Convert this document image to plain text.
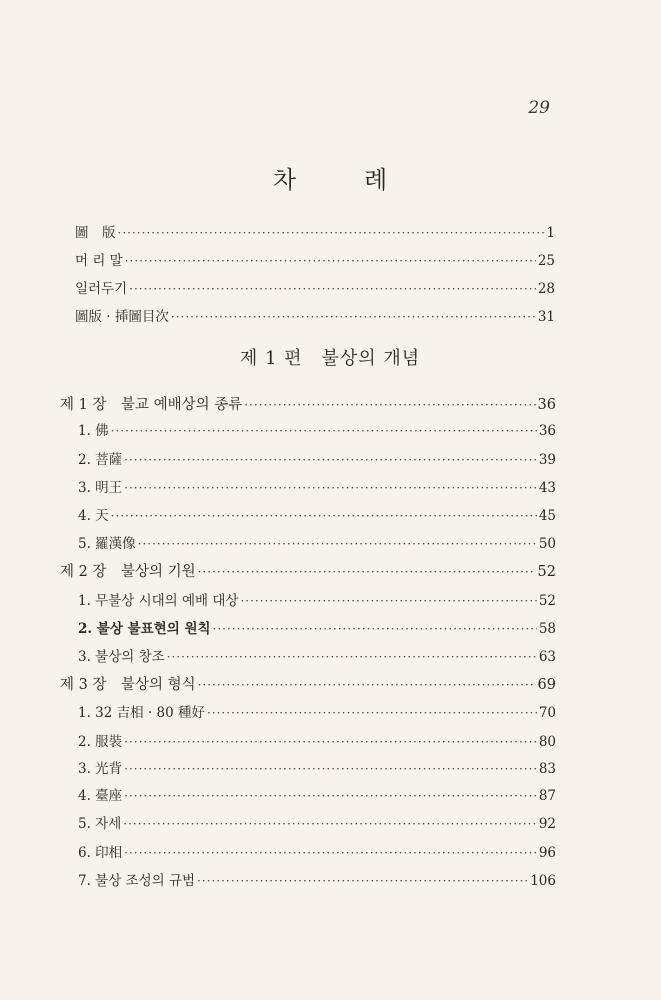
29
차	례
圖　版 ·····	1
머 리 말 ·····	25
일러두기 ·····	28
圖版 · 揷圖目次 ·····	31
제 1 편　불상의 개념
제 1 장　불교 예배상의 종류 ·····	36
1. 佛 ·····	36
2. 菩薩 ·····	39
3. 明王 ·····	43
4. 天 ·····	45
5. 羅漢像 ·····	50
제 2 장　불상의 기원 ·····	52
1. 무불상 시대의 예배 대상 ·····	52
2. 불상 불표현의 원칙 ·····	58
3. 불상의 창조 ·····	63
제 3 장　불상의 형식 ·····	69
1. 32 吉相 · 80 種好 ·····	70
2. 服裝 ·····	80
3. 光背 ·····	83
4. 臺座 ·····	87
5. 자세 ·····	92
6. 印相 ·····	96
7. 불상 조성의 규범 ·····	106
